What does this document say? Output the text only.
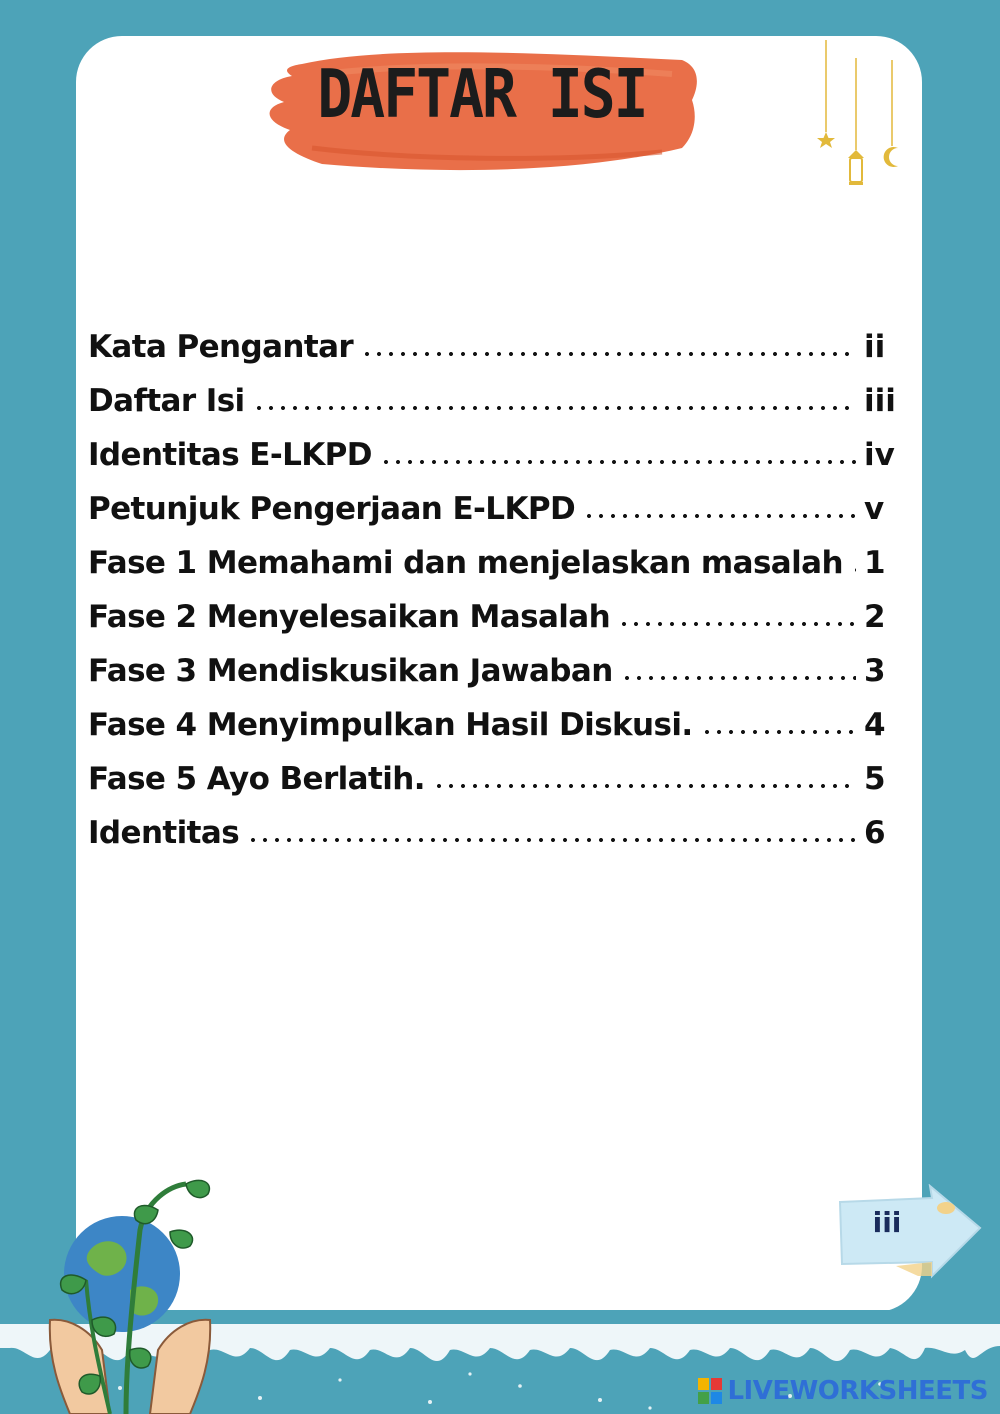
DAFTAR ISI
Kata Pengantar	ii
Daftar Isi	iii
Identitas E-LKPD	iv
Petunjuk Pengerjaan E-LKPD	v
Fase 1 Memahami dan menjelaskan masalah 1
Fase 2 Menyelesaikan Masalah	2
Fase 3 Mendiskusikan Jawaban	3
Fase 4 Menyimpulkan Hasil Diskusi.	4
Fase 5 Ayo Berlatih.	5
Identitas	6
iii
LIVEWORKSHEETS
